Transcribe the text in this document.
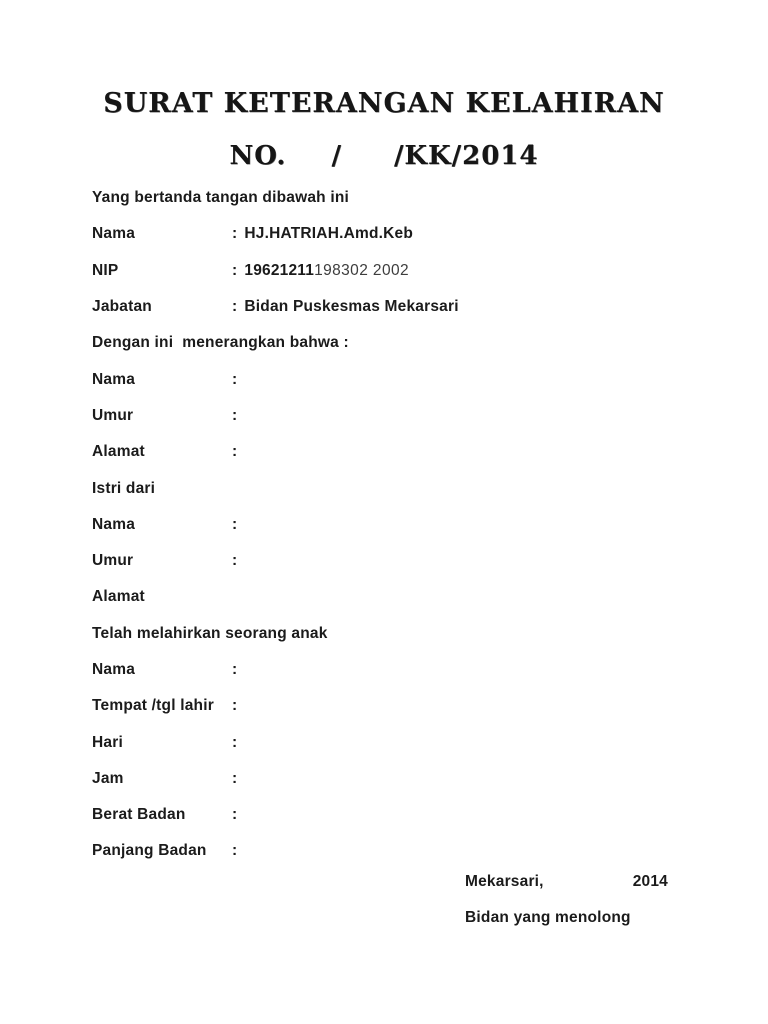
SURAT KETERANGAN KELAHIRAN
NO. / /KK/2014
Yang bertanda tangan dibawah ini
Nama	: HJ.HATRIAH.Amd.Keb
NIP	: 19621211 198302 2002
Jabatan	: Bidan Puskesmas Mekarsari
Dengan ini  menerangkan bahwa :
Nama	:
Umur	:
Alamat	:
Istri dari
Nama	:
Umur	:
Alamat
Telah melahirkan seorang anak
Nama	:
Tempat /tgl lahir	:
Hari	:
Jam	:
Berat Badan	:
Panjang Badan	:
Mekarsari,	2014
Bidan yang menolong
